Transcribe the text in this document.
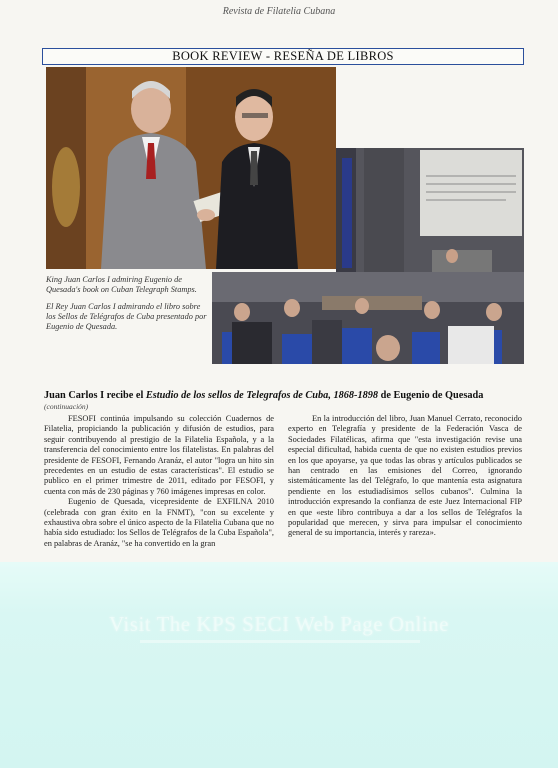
Revista de Filatelia Cubana
BOOK REVIEW - RESEÑA DE LIBROS
King Juan Carlos I admiring Eugenio de Quesada's book on Cuban Telegraph Stamps.
El Rey Juan Carlos I admirando el libro sobre los Sellos de Telégrafos de Cuba presentado por Eugenio de Quesada.
Juan Carlos I recibe el Estudio de los sellos de Telegrafos de Cuba, 1868-1898 de Eugenio de Quesada
(continuación)

FESOFI continúa impulsando su colección Cuadernos de Filatelia, propiciando la publicación y difusión de estudios, para seguir contribuyendo al prestigio de la Filatelia Española, y a la transferencia del conocimiento entre los filatelistas. En palabras del presidente de FESOFI, Fernando Aranáz, el autor "logra un hito sin precedentes en un estudio de estas características". El estudio se publico en el primer trimestre de 2011, editado por FESOFI, y cuenta con más de 230 páginas y 760 imágenes impresas en color.

Eugenio de Quesada, vicepresidente de EXFILNA 2010 (celebrada con gran éxito en la FNMT), "con su excelente y exhaustiva obra sobre el único aspecto de la Filatelia Cubana que no había sido estudiado: los Sellos de Telégrafos de la Cuba Española", en palabras de Aranáz, "se ha convertido en la gran

En la introducción del libro, Juan Manuel Cerrato, reconocido experto en Telegrafía y presidente de la Federación Vasca de Sociedades Filatélicas, afirma que "esta investigación revise una especial dificultad, habida cuenta de que no existen estudios previos en los que apoyarse, ya que todas las obras y artículos publicados se han centrado en las emisiones del Correo, ignorando sistemáticamente las del Telégrafo, lo que mantenía esta asignatura pendiente en los estudiadísimos sellos cubanos". Culmina la introducción expresando la confianza de este Juez Internacional FIP en que «este libro contribuya a dar a los sellos de Telégrafos la popularidad que merecen, y sirva para impulsar el conocimiento general de su importancia, interés y rareza».

Visit The KPS SECI Web Page Online
